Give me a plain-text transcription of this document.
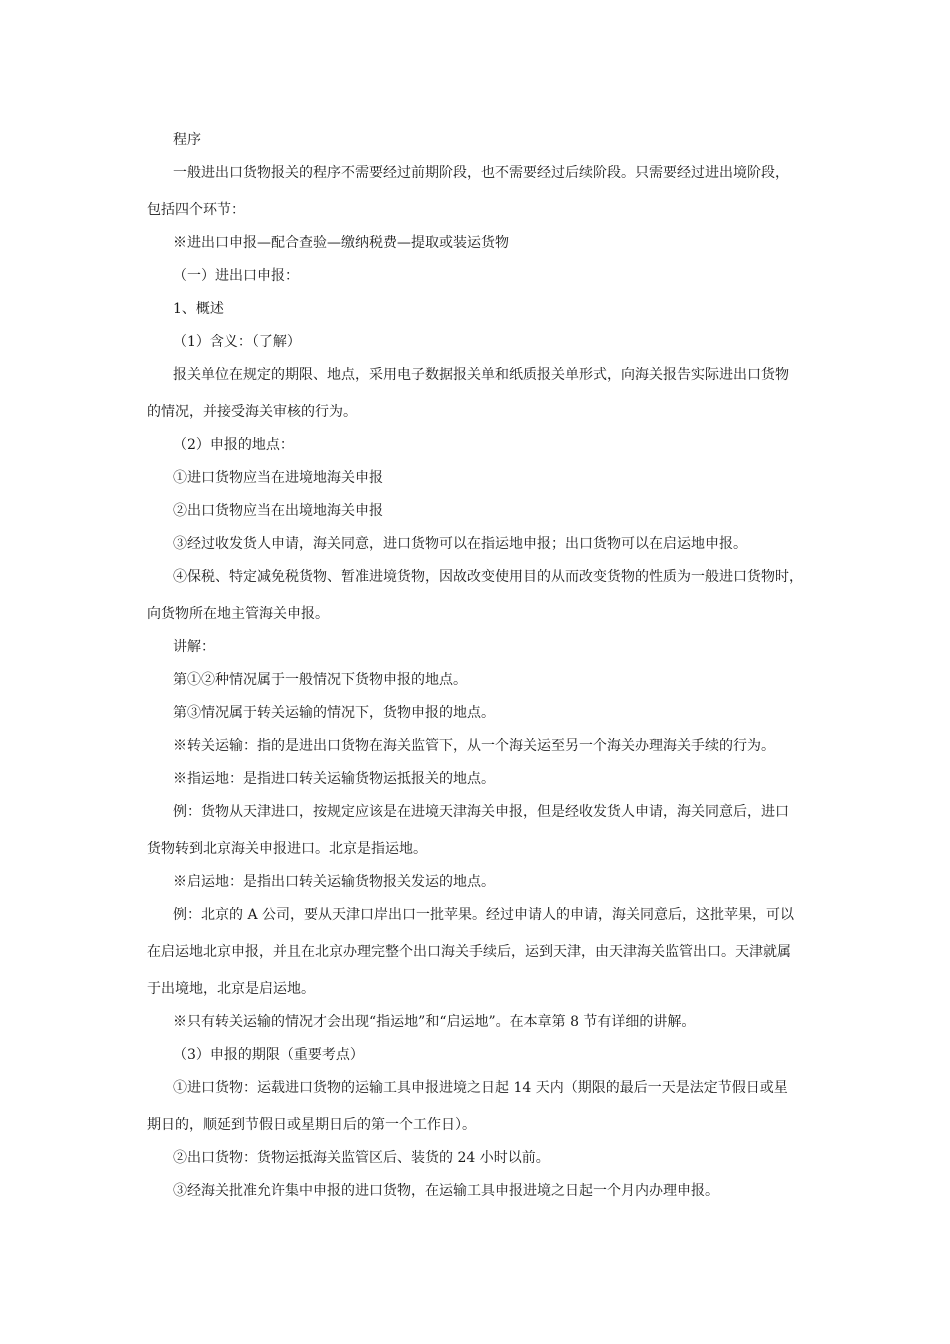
程序
一般进出口货物报关的程序不需要经过前期阶段，也不需要经过后续阶段。只需要经过进出境阶段，
包括四个环节：
※进出口申报—配合查验—缴纳税费—提取或装运货物
（一）进出口申报：
1、概述
（1）含义：（了解）
报关单位在规定的期限、地点，采用电子数据报关单和纸质报关单形式，向海关报告实际进出口货物
的情况，并接受海关审核的行为。
（2）申报的地点：
①进口货物应当在进境地海关申报
②出口货物应当在出境地海关申报
③经过收发货人申请，海关同意，进口货物可以在指运地申报；出口货物可以在启运地申报。
④保税、特定减免税货物、暂准进境货物，因故改变使用目的从而改变货物的性质为一般进口货物时，
向货物所在地主管海关申报。
讲解：
第①②种情况属于一般情况下货物申报的地点。
第③情况属于转关运输的情况下，货物申报的地点。
※转关运输：指的是进出口货物在海关监管下，从一个海关运至另一个海关办理海关手续的行为。
※指运地：是指进口转关运输货物运抵报关的地点。
例：货物从天津进口，按规定应该是在进境天津海关申报，但是经收发货人申请，海关同意后，进口
货物转到北京海关申报进口。北京是指运地。
※启运地：是指出口转关运输货物报关发运的地点。
例：北京的 A 公司，要从天津口岸出口一批苹果。经过申请人的申请，海关同意后，这批苹果，可以
在启运地北京申报，并且在北京办理完整个出口海关手续后，运到天津，由天津海关监管出口。天津就属
于出境地，北京是启运地。
※只有转关运输的情况才会出现“指运地”和“启运地”。在本章第 8 节有详细的讲解。
（3）申报的期限（重要考点）
①进口货物：运载进口货物的运输工具申报进境之日起 14 天内（期限的最后一天是法定节假日或星
期日的，顺延到节假日或星期日后的第一个工作日）。
②出口货物：货物运抵海关监管区后、装货的 24 小时以前。
③经海关批准允许集中申报的进口货物，在运输工具申报进境之日起一个月内办理申报。
